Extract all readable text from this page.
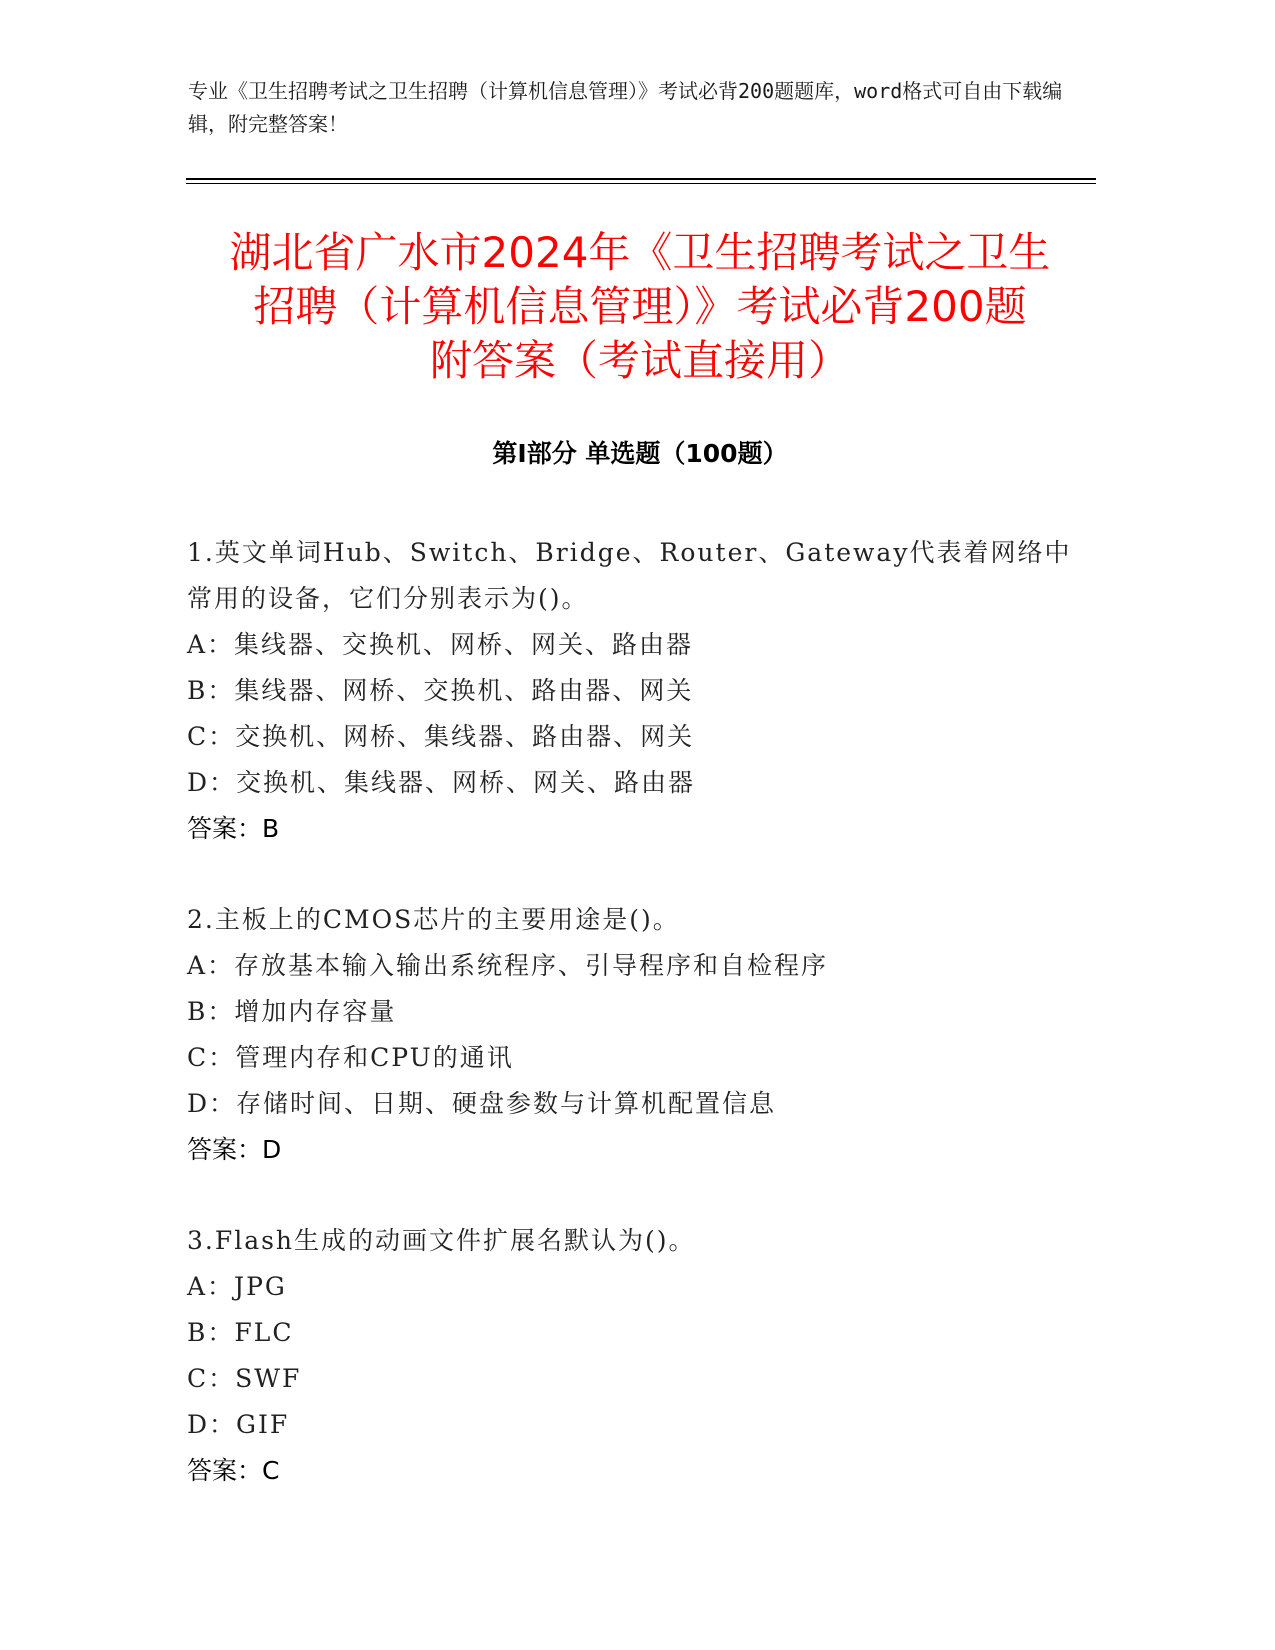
专业《卫生招聘考试之卫生招聘（计算机信息管理）》考试必背200题题库，word格式可自由下载编辑，附完整答案！
湖北省广水市2024年《卫生招聘考试之卫生
招聘（计算机信息管理）》考试必背200题
附答案（考试直接用）
第Ⅰ部分 单选题（100题）
1.英文单词Hub、Switch、Bridge、Router、Gateway代表着网络中常用的设备，它们分别表示为()。
A：集线器、交换机、网桥、网关、路由器
B：集线器、网桥、交换机、路由器、网关
C：交换机、网桥、集线器、路由器、网关
D：交换机、集线器、网桥、网关、路由器
答案：B
2.主板上的CMOS芯片的主要用途是()。
A：存放基本输入输出系统程序、引导程序和自检程序
B：增加内存容量
C：管理内存和CPU的通讯
D：存储时间、日期、硬盘参数与计算机配置信息
答案：D
3.Flash生成的动画文件扩展名默认为()。
A：JPG
B：FLC
C：SWF
D：GIF
答案：C
